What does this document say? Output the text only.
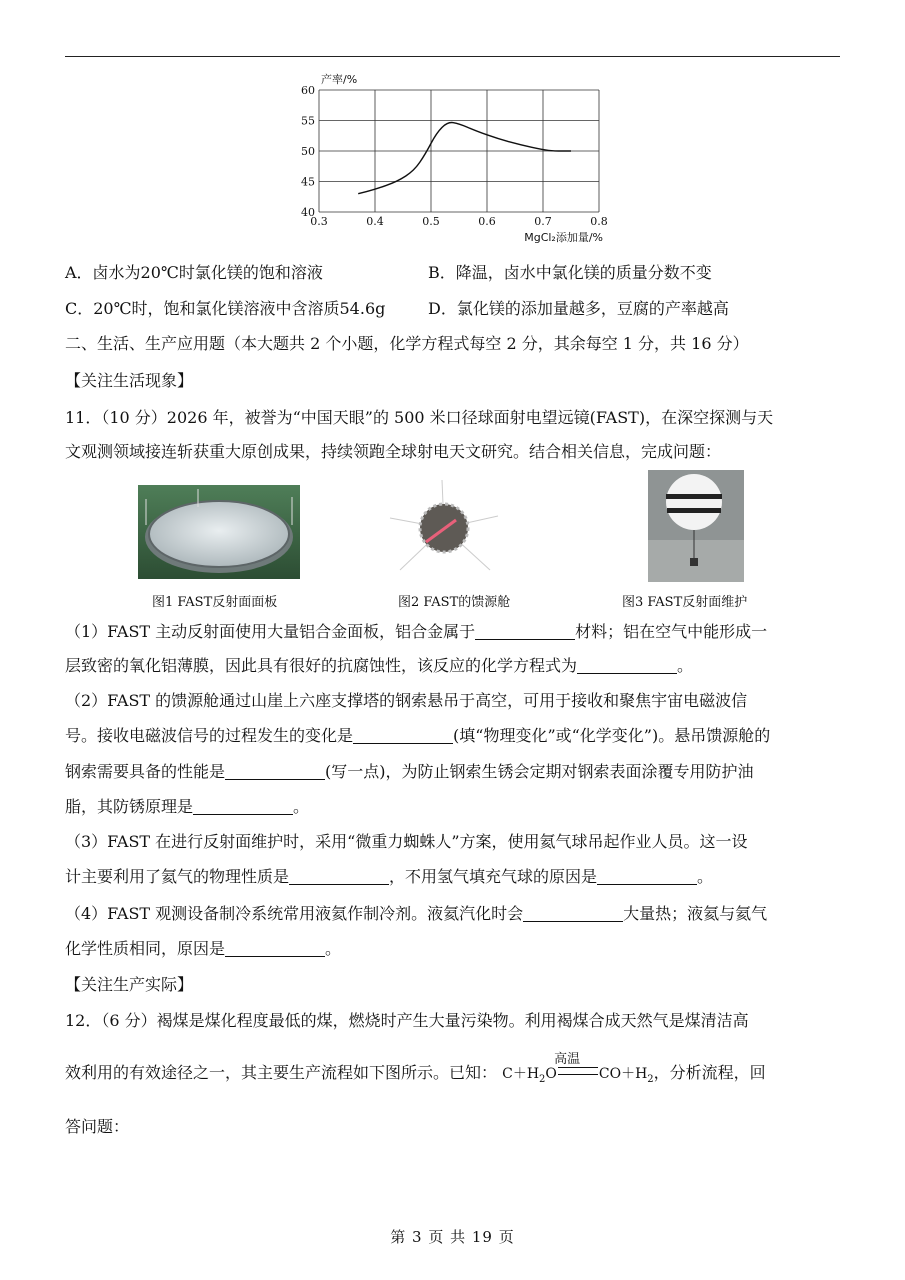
0.3	0.4	0.5	0.6	0.7	0.8
40
45
50
55
60
产率/%
MgCl₂添加量/%
A．卤水为20℃时氯化镁的饱和溶液	B．降温，卤水中氯化镁的质量分数不变
C．20℃时，饱和氯化镁溶液中含溶质54.6g	D．氯化镁的添加量越多，豆腐的产率越高
二、生活、生产应用题（本大题共 2 个小题，化学方程式每空 2 分，其余每空 1 分，共 16 分）
【关注生活现象】
11．（10 分）2026 年，被誉为“中国天眼”的 500 米口径球面射电望远镜(FAST)，在深空探测与天
文观测领域接连斩获重大原创成果，持续领跑全球射电天文研究。结合相关信息，完成问题：
图1 FAST反射面面板	图2 FAST的馈源舱	图3 FAST反射面维护
（1）FAST 主动反射面使用大量铝合金面板，铝合金属于	材料；铝在空气中能形成一
层致密的氧化铝薄膜，因此具有很好的抗腐蚀性，该反应的化学方程式为	。
（2）FAST 的馈源舱通过山崖上六座支撑塔的钢索悬吊于高空，可用于接收和聚焦宇宙电磁波信
号。接收电磁波信号的过程发生的变化是	(填“物理变化”或“化学变化”)。悬吊馈源舱的
钢索需要具备的性能是	(写一点)，为防止钢索生锈会定期对钢索表面涂覆专用防护油
脂，其防锈原理是	。
（3）FAST 在进行反射面维护时，采用“微重力蜘蛛人”方案，使用氦气球吊起作业人员。这一设
计主要利用了氦气的物理性质是	，不用氢气填充气球的原因是	。
（4）FAST 观测设备制冷系统常用液氦作制冷剂。液氦汽化时会	大量热；液氦与氦气
化学性质相同，原因是	。
【关注生产实际】
12．（6 分）褐煤是煤化程度最低的煤，燃烧时产生大量污染物。利用褐煤合成天然气是煤清洁高
效利用的有效途径之一，其主要生产流程如下图所示。已知： $C+H_2O$
高温
$CO+H_2$，分析流程，回
答问题：
第 3 页 共 19 页
